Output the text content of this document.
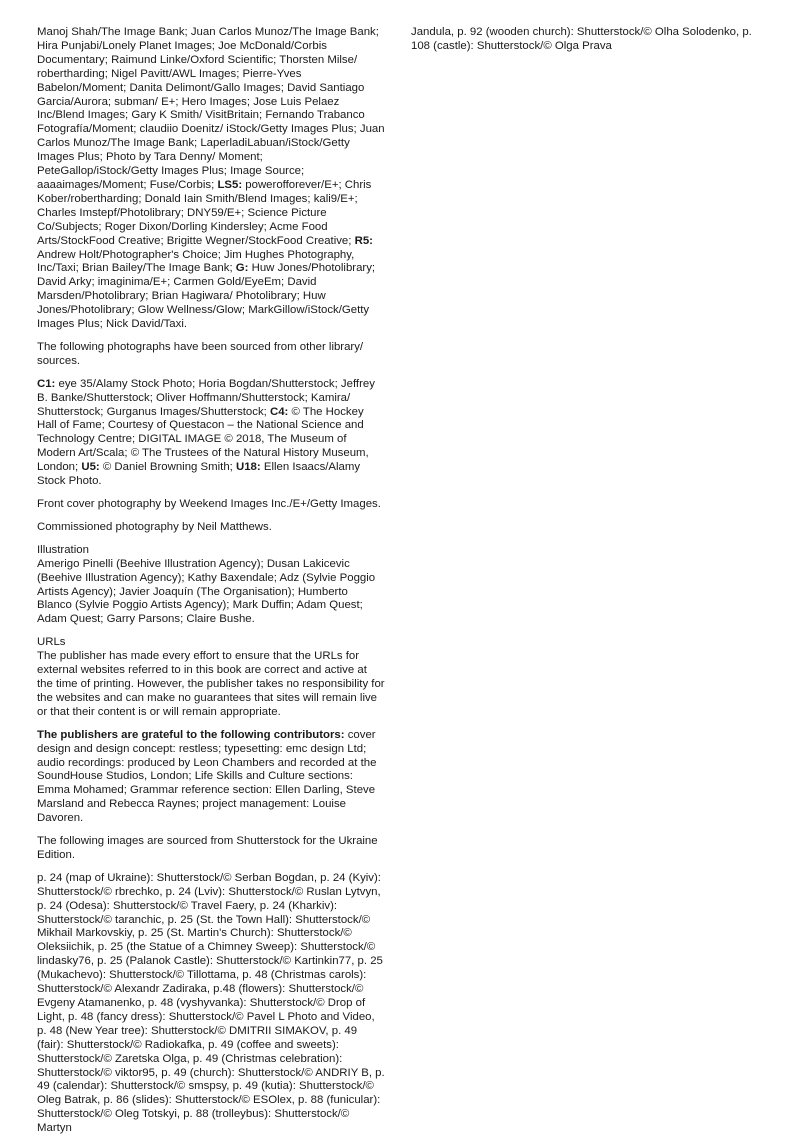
Manoj Shah/The Image Bank; Juan Carlos Munoz/The Image Bank; Hira Punjabi/Lonely Planet Images; Joe McDonald/Corbis Documentary; Raimund Linke/Oxford Scientific; Thorsten Milse/ robertharding; Nigel Pavitt/AWL Images; Pierre-Yves Babelon/Moment; Danita Delimont/Gallo Images; David Santiago Garcia/Aurora; subman/ E+; Hero Images; Jose Luis Pelaez Inc/Blend Images; Gary K Smith/ VisitBritain; Fernando Trabanco Fotografía/Moment; claudiio Doenitz/ iStock/Getty Images Plus; Juan Carlos Munoz/The Image Bank; LaperladiLabuan/iStock/Getty Images Plus; Photo by Tara Denny/ Moment; PeteGallop/iStock/Getty Images Plus; Image Source; aaaaimages/Moment; Fuse/Corbis; LS5: powerofforever/E+; Chris Kober/robertharding; Donald Iain Smith/Blend Images; kali9/E+; Charles Imstepf/Photolibrary; DNY59/E+; Science Picture Co/Subjects; Roger Dixon/Dorling Kindersley; Acme Food Arts/StockFood Creative; Brigitte Wegner/StockFood Creative; R5: Andrew Holt/Photographer's Choice; Jim Hughes Photography, Inc/Taxi; Brian Bailey/The Image Bank; G: Huw Jones/Photolibrary; David Arky; imaginima/E+; Carmen Gold/EyeEm; David Marsden/Photolibrary; Brian Hagiwara/ Photolibrary; Huw Jones/Photolibrary; Glow Wellness/Glow; MarkGillow/iStock/Getty Images Plus; Nick David/Taxi.

The following photographs have been sourced from other library/ sources.

C1: eye 35/Alamy Stock Photo; Horia Bogdan/Shutterstock; Jeffrey B. Banke/Shutterstock; Oliver Hoffmann/Shutterstock; Kamira/ Shutterstock; Gurganus Images/Shutterstock; C4: © The Hockey Hall of Fame; Courtesy of Questacon – the National Science and Technology Centre; DIGITAL IMAGE © 2018, The Museum of Modern Art/Scala; © The Trustees of the Natural History Museum, London; U5: © Daniel Browning Smith; U18: Ellen Isaacs/Alamy Stock Photo.

Front cover photography by Weekend Images Inc./E+/Getty Images.

Commissioned photography by Neil Matthews.

Illustration
Amerigo Pinelli (Beehive Illustration Agency); Dusan Lakicevic (Beehive Illustration Agency); Kathy Baxendale; Adz (Sylvie Poggio Artists Agency); Javier Joaquín (The Organisation); Humberto Blanco (Sylvie Poggio Artists Agency); Mark Duffin; Adam Quest; Adam Quest; Garry Parsons; Claire Bushe.

URLs
The publisher has made every effort to ensure that the URLs for external websites referred to in this book are correct and active at the time of printing. However, the publisher takes no responsibility for the websites and can make no guarantees that sites will remain live or that their content is or will remain appropriate.

The publishers are grateful to the following contributors: cover design and design concept: restless; typesetting: emc design Ltd; audio recordings: produced by Leon Chambers and recorded at the SoundHouse Studios, London; Life Skills and Culture sections: Emma Mohamed; Grammar reference section: Ellen Darling, Steve Marsland and Rebecca Raynes; project management: Louise Davoren.

The following images are sourced from Shutterstock for the Ukraine Edition.

p. 24 (map of Ukraine): Shutterstock/© Serban Bogdan, p. 24 (Kyiv): Shutterstock/© rbrechko, p. 24 (Lviv): Shutterstock/© Ruslan Lytvyn, p. 24 (Odesa): Shutterstock/© Travel Faery, p. 24 (Kharkiv): Shutterstock/© taranchic, p. 25 (St. the Town Hall): Shutterstock/© Mikhail Markovskiy, p. 25 (St. Martin's Church): Shutterstock/© Oleksiichik, p. 25 (the Statue of a Chimney Sweep): Shutterstock/© lindasky76, p. 25 (Palanok Castle): Shutterstock/© Kartinkin77, p. 25 (Mukachevo): Shutterstock/© Tillottama, p. 48 (Christmas carols): Shutterstock/© Alexandr Zadiraka, p.48 (flowers): Shutterstock/© Evgeny Atamanenko, p. 48 (vyshyvanka): Shutterstock/© Drop of Light, p. 48 (fancy dress): Shutterstock/© Pavel L Photo and Video, p. 48 (New Year tree): Shutterstock/© DMITRII SIMAKOV, p. 49 (fair): Shutterstock/© Radiokafka, p. 49 (coffee and sweets): Shutterstock/© Zaretska Olga, p. 49 (Christmas celebration): Shutterstock/© viktor95, p. 49 (church): Shutterstock/© ANDRIY B, p. 49 (calendar): Shutterstock/© smspsy, p. 49 (kutia): Shutterstock/© Oleg Batrak, p. 86 (slides): Shutterstock/© ESOlex, p. 88 (funicular): Shutterstock/© Oleg Totskyi, p. 88 (trolleybus): Shutterstock/© Martyn

Jandula, p. 92 (wooden church): Shutterstock/© Olha Solodenko, p. 108 (castle): Shutterstock/© Olga Prava
